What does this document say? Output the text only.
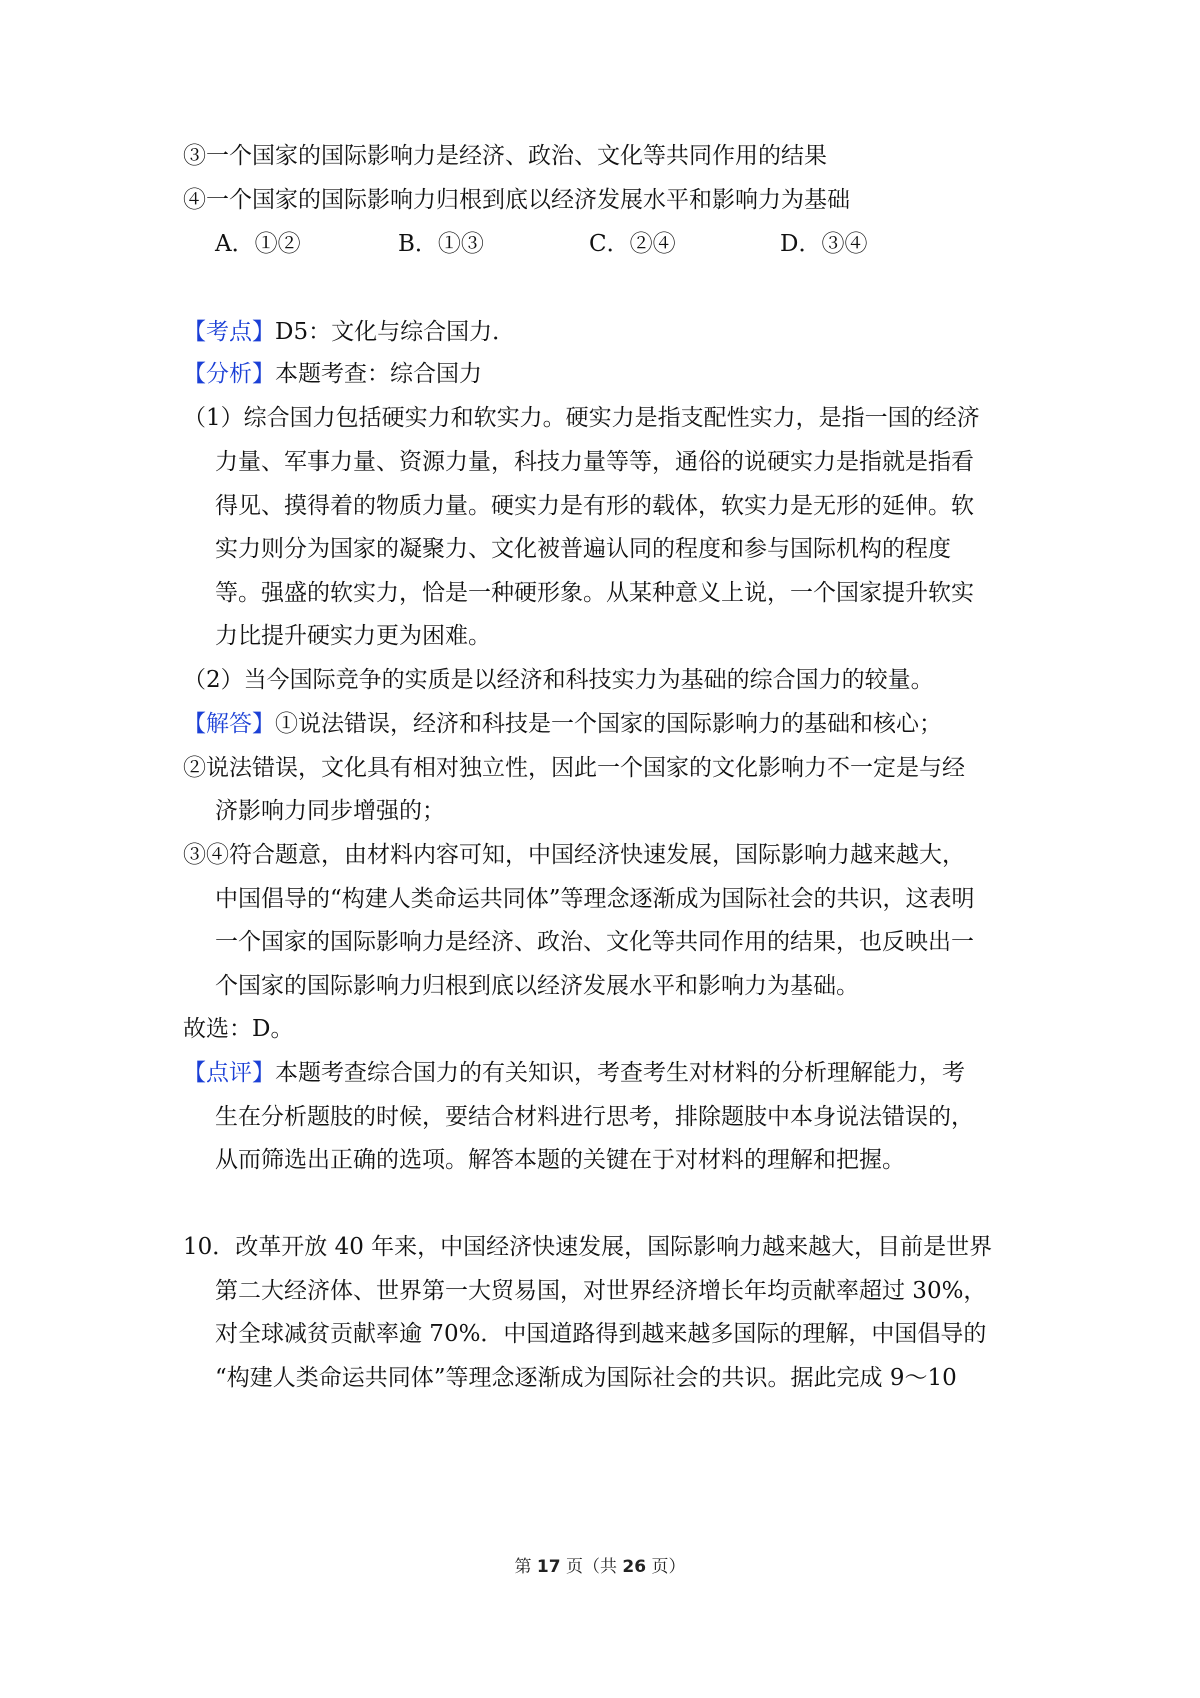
③一个国家的国际影响力是经济、政治、文化等共同作用的结果
④一个国家的国际影响力归根到底以经济发展水平和影响力为基础
A．①②	B．①③	C．②④	D．③④
【考点】D5：文化与综合国力．
【分析】本题考查：综合国力
（1）综合国力包括硬实力和软实力。硬实力是指支配性实力，是指一国的经济
力量、军事力量、资源力量，科技力量等等，通俗的说硬实力是指就是指看
得见、摸得着的物质力量。硬实力是有形的载体，软实力是无形的延伸。软
实力则分为国家的凝聚力、文化被普遍认同的程度和参与国际机构的程度
等。强盛的软实力，恰是一种硬形象。从某种意义上说，一个国家提升软实
力比提升硬实力更为困难。
（2）当今国际竞争的实质是以经济和科技实力为基础的综合国力的较量。
【解答】①说法错误，经济和科技是一个国家的国际影响力的基础和核心；
②说法错误，文化具有相对独立性，因此一个国家的文化影响力不一定是与经
济影响力同步增强的；
③④符合题意，由材料内容可知，中国经济快速发展，国际影响力越来越大，
中国倡导的“构建人类命运共同体”等理念逐渐成为国际社会的共识，这表明
一个国家的国际影响力是经济、政治、文化等共同作用的结果，也反映出一
个国家的国际影响力归根到底以经济发展水平和影响力为基础。
故选：D。
【点评】本题考查综合国力的有关知识，考查考生对材料的分析理解能力，考
生在分析题肢的时候，要结合材料进行思考，排除题肢中本身说法错误的，
从而筛选出正确的选项。解答本题的关键在于对材料的理解和把握。
10．改革开放 40 年来，中国经济快速发展，国际影响力越来越大，目前是世界
第二大经济体、世界第一大贸易国，对世界经济增长年均贡献率超过 30%，
对全球减贫贡献率逾 70%．中国道路得到越来越多国际的理解，中国倡导的
“构建人类命运共同体”等理念逐渐成为国际社会的共识。据此完成 9～10
第 17 页（共 26 页）
